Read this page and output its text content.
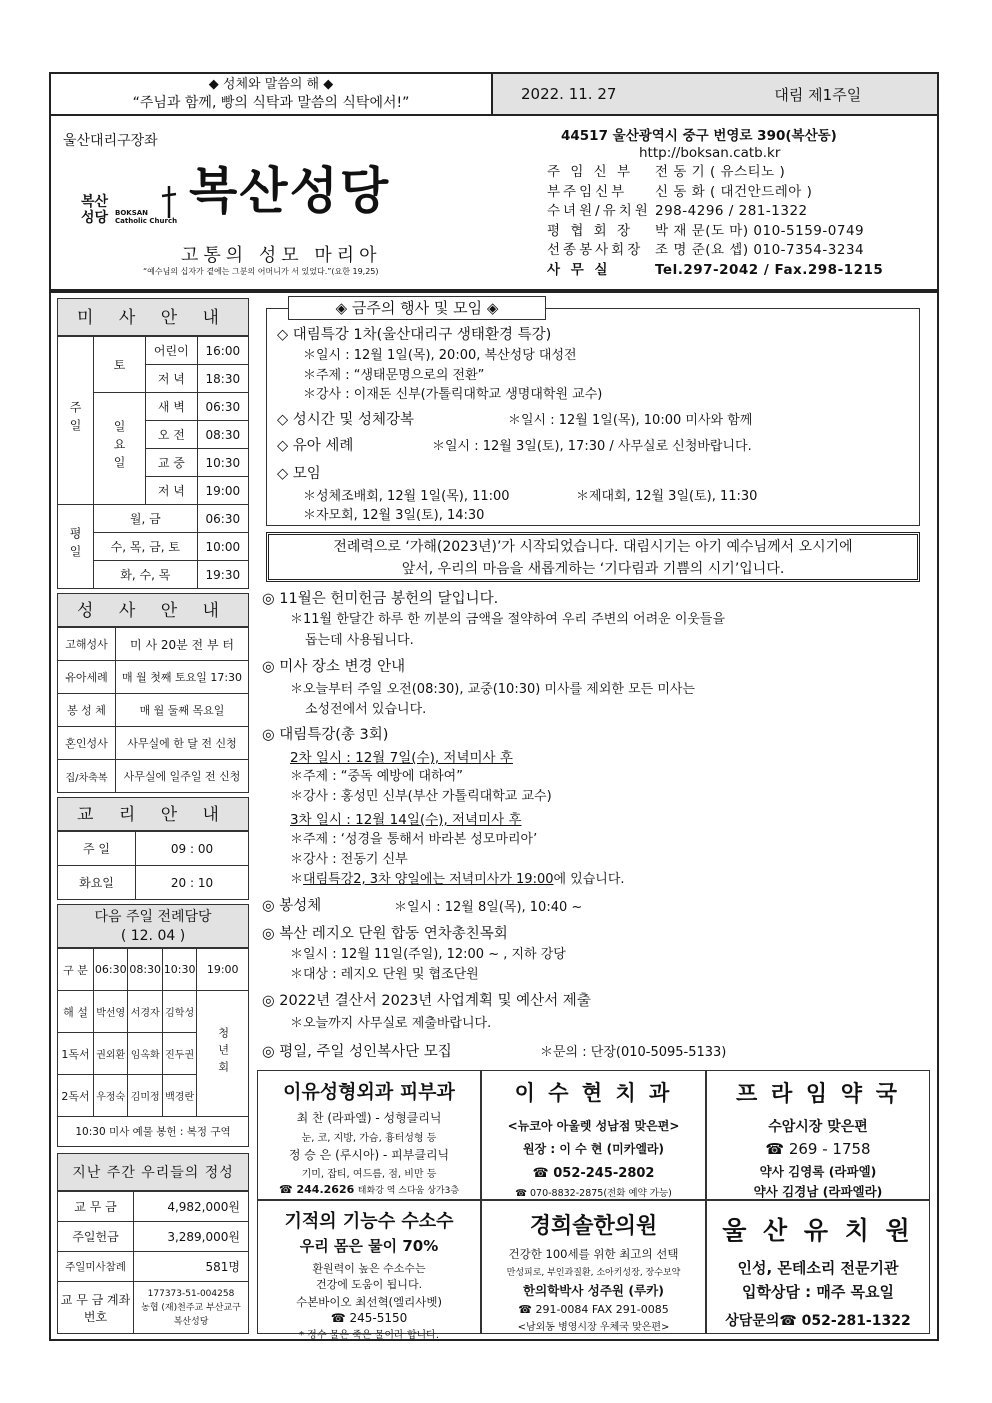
◆ 성체와 말씀의 해 ◆
“주님과 함께, 빵의 식탁과 말씀의 식탁에서!”	2022. 11. 27	대림 제1주일
울산대리구장좌
복산
성당 BOKSAN
Catholic Church
복산성당
고통의 성모 마리아
“예수님의 십자가 곁에는 그분의 어머니가 서 있었다.”(요한 19,25)
44517 울산광역시 중구 번영로 390(복산동)
http://boksan.catb.kr
주 임 신 부	전 동 기 ( 유스티노 )
부주임신부	신 동 화 ( 대건안드레아 )
수녀원/유치원 298-4296 / 281-1322
평 협 회 장	박 재 문(도 마) 010-5159-0749
선종봉사회장 조 명 준(요 셉) 010-7354-3234
사 무 실	Tel.297-2042 / Fax.298-1215
미 사 안 내
주일	토	어린이	16:00
		저 녁	18:30
	일요일	새 벽	06:30
		오 전	08:30
		교 중	10:30
		저 녁	19:00
평일	월, 금		06:30
	수, 목, 금, 토		10:00
	화, 수, 목		19:30
성 사 안 내
고해성사	미 사 20분 전 부 터
유아세례	매 월 첫째 토요일 17:30
봉 성 체	매 월 둘째 목요일
혼인성사	사무실에 한 달 전 신청
집/차축복	사무실에 일주일 전 신청
교 리 안 내
주 일	09 : 00
화요일	20 : 10
다음 주일 전례담당
( 12. 04 )
구 분	06:30	08:30	10:30	19:00
해 설	박선영	서경자	김학성	청년회
1독서	권외환	임옥화	진두권	
2독서	우정숙	김미정	백경란	
10:30 미사 예물 봉헌 : 복정 구역				
지난 주간 우리들의 정성
교 무 금	4,982,000원
주일헌금	3,289,000원
주일미사참례	581명
교 무 금 계좌번호	177373-51-004258
농협 (재)천주교 부산교구
복산성당
◈ 금주의 행사 및 모임 ◈
◇ 대림특강 1차(울산대리구 생태환경 특강)
＊일시 : 12월 1일(목), 20:00, 복산성당 대성전
＊주제 : “생태문명으로의 전환”
＊강사 : 이재돈 신부(가톨릭대학교 생명대학원 교수)
◇ 성시간 및 성체강복	＊일시 : 12월 1일(목), 10:00 미사와 함께
◇ 유아 세례	＊일시 : 12월 3일(토), 17:30 / 사무실로 신청바랍니다.
◇ 모임
＊성체조배회, 12월 1일(목), 11:00	＊제대회, 12월 3일(토), 11:30
＊자모회, 12월 3일(토), 14:30
전례력으로 ‘가해(2023년)’가 시작되었습니다. 대림시기는 아기 예수님께서 오시기에
앞서, 우리의 마음을 새롭게하는 ‘기다림과 기쁨의 시기’입니다.
◎ 11월은 헌미헌금 봉헌의 달입니다.
＊11월 한달간 하루 한 끼분의 금액을 절약하여 우리 주변의 어려운 이웃들을
돕는데 사용됩니다.
◎ 미사 장소 변경 안내
＊오늘부터 주일 오전(08:30), 교중(10:30) 미사를 제외한 모든 미사는
소성전에서 있습니다.
◎ 대림특강(총 3회)
2차 일시 : 12월 7일(수), 저녁미사 후
＊주제 : “중독 예방에 대하여”
＊강사 : 홍성민 신부(부산 가톨릭대학교 교수)
3차 일시 : 12월 14일(수), 저녁미사 후
＊주제 : ‘성경을 통해서 바라본 성모마리아’
＊강사 : 전동기 신부
＊대림특강2, 3차 양일에는 저녁미사가 19:00에 있습니다.
◎ 봉성체	＊일시 : 12월 8일(목), 10:40 ~
◎ 복산 레지오 단원 합동 연차총친목회
＊일시 : 12월 11일(주일), 12:00 ~ , 지하 강당
＊대상 : 레지오 단원 및 협조단원
◎ 2022년 결산서 2023년 사업계획 및 예산서 제출
＊오늘까지 사무실로 제출바랍니다.
◎ 평일, 주일 성인복사단 모집	＊문의 : 단장(010-5095-5133)
이유성형외과 피부과
최 찬 (라파엘) - 성형클리닉
눈, 코, 지방, 가슴, 흉터성형 등
정 승 은 (루시아) - 피부클리닉
기미, 잡티, 여드름, 점, 비만 등
☎ 244.2626 태화강 역 스다움 상가3층
이 수 현 치 과
<뉴코아 아울렛 성남점 맞은편>
원장 : 이 수 현 (미카엘라)
☎ 052-245-2802
☎ 070-8832-2875(전화 예약 가능)
프 라 임 약 국
수암시장 맞은편
☎ 269 - 1758
약사 김영록 (라파엘)
약사 김경남 (라파엘라)
기적의 기능수 수소수
우리 몸은 물이 70%
환원력이 높은 수소수는
건강에 도움이 됩니다.
수본바이오 최선혁(엘리사벳)
☎ 245-5150
* 정수 물은 죽은 물이라 합니다.
경희솔한의원
건강한 100세를 위한 최고의 선택
만성피로, 부인과질환, 소아키성장, 장수보약
한의학박사 성주원 (루카)
☎ 291-0084 FAX 291-0085
<남외동 병영시장 우체국 맞은편>
울 산 유 치 원
인성, 몬테소리 전문기관
입학상담 : 매주 목요일
상담문의☎ 052-281-1322
